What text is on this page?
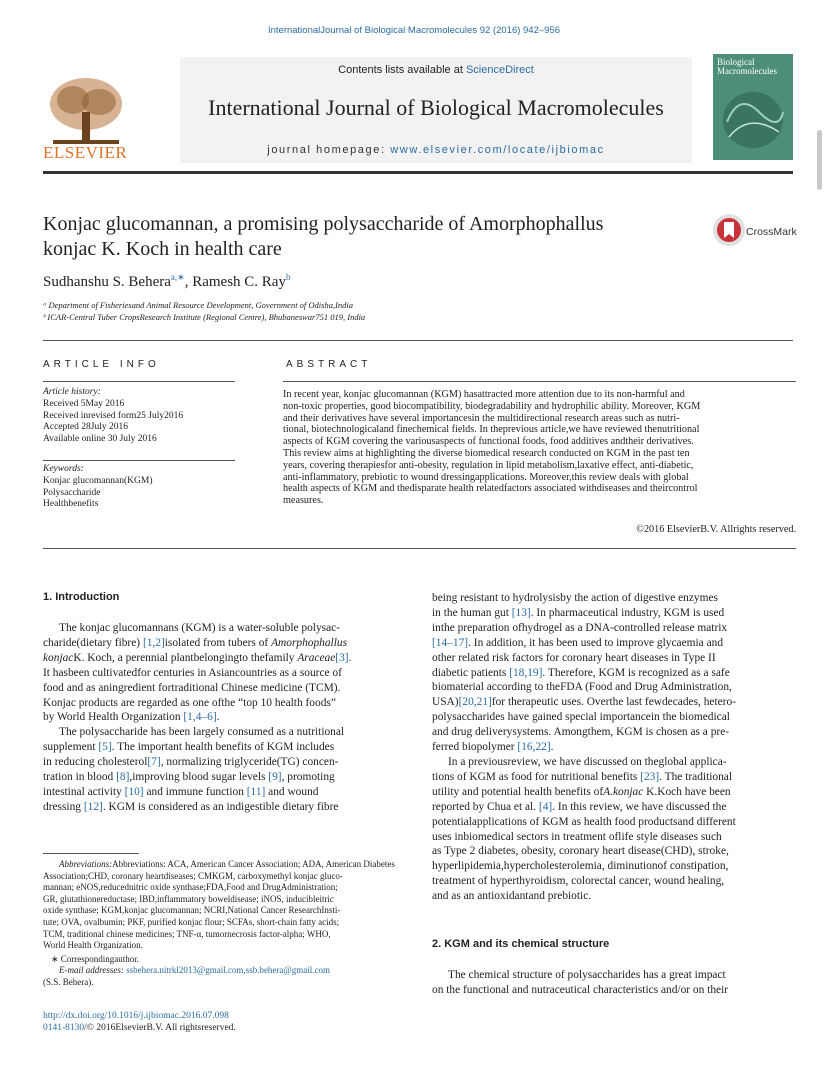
InternationalJournal of Biological Macromolecules 92 (2016) 942–956
Contents lists available at ScienceDirect
International Journal of Biological Macromolecules
journal homepage: www.elsevier.com/locate/ijbiomac
ELSEVIER
Biological Macromolecules
Konjac glucomannan, a promising polysaccharide of Amorphophallus
konjac K. Koch in health care
CrossMark
Sudhanshu S. Behera$^{a,∗}$, Ramesh C. Ray$^b$
ᵃ Department of Fisheriesand Animal Resource Development, Government of Odisha,India
ᵇ ICAR-Central Tuber CropsResearch Institute (Regional Centre), Bhubaneswar751 019, India
ARTICLE INFO
Article history:
Received 5May 2016
Received inrevised form25 July2016
Accepted 28July 2016
Available online 30 July 2016
Keywords:
Konjac glucomannan(KGM)
Polysaccharide
Healthbenefits
ABSTRACT
In recent year, konjac glucomannan (KGM) hasattracted more attention due to its non-harmful and
non-toxic properties, good biocompatibility, biodegradability and hydrophilic ability. Moreover, KGM
and their derivatives have several importancesin the multidirectional research areas such as nutri-
tional, biotechnologicaland finechemical fields. In theprevious article,we have reviewed thenutritional
aspects of KGM covering the variousaspects of functional foods, food additives andtheir derivatives.
This review aims at highlighting the diverse biomedical research conducted on KGM in the past ten
years, covering therapiesfor anti-obesity, regulation in lipid metabolism,laxative effect, anti-diabetic,
anti-inflammatory, prebiotic to wound dressingapplications. Moreover,this review deals with global
health aspects of KGM and thedisparate health relatedfactors associated withdiseases and theircontrol
measures.
©2016 ElsevierB.V. Allrights reserved.
1. Introduction
The konjac glucomannans (KGM) is a water-soluble polysac-
charide(dietary fibre) [1,2]isolated from tubers of Amorphophallus
konjacK. Koch, a perennial plantbelongingto thefamily Araceae[3].
It hasbeen cultivatedfor centuries in Asiancountries as a source of
food and as aningredient fortraditional Chinese medicine (TCM).
Konjac products are regarded as one ofthe “top 10 health foods”
by World Health Organization [1,4–6].
The polysaccharide has been largely consumed as a nutritional
supplement [5]. The important health benefits of KGM includes
in reducing cholesterol[7], normalizing triglyceride(TG) concen-
tration in blood [8],improving blood sugar levels [9], promoting
intestinal activity [10] and immune function [11] and wound
dressing [12]. KGM is considered as an indigestible dietary fibre
being resistant to hydrolysisby the action of digestive enzymes
in the human gut [13]. In pharmaceutical industry, KGM is used
inthe preparation ofhydrogel as a DNA-controlled release matrix
[14–17]. In addition, it has been used to improve glycaemia and
other related risk factors for coronary heart diseases in Type II
diabetic patients [18,19]. Therefore, KGM is recognized as a safe
biomaterial according to theFDA (Food and Drug Administration,
USA)[20,21]for therapeutic uses. Overthe last fewdecades, hetero-
polysaccharides have gained special importancein the biomedical
and drug deliverysystems. Amongthem, KGM is chosen as a pre-
ferred biopolymer [16,22].
In a previousreview, we have discussed on theglobal applica-
tions of KGM as food for nutritional benefits [23]. The traditional
utility and potential health benefits ofA.konjac K.Koch have been
reported by Chua et al. [4]. In this review, we have discussed the
potentialapplications of KGM as health food productsand different
uses inbiomedical sectors in treatment oflife style diseases such
as Type 2 diabetes, obesity, coronary heart disease(CHD), stroke,
hyperlipidemia,hypercholesterolemia, diminutionof constipation,
treatment of hyperthyroidism, colorectal cancer, wound healing,
and as an antioxidantand prebiotic.
2. KGM and its chemical structure
The chemical structure of polysaccharides has a great impact
on the functional and nutraceutical characteristics and/or on their
Abbreviations:Abbreviations: ACA, American Cancer Association; ADA, American Diabetes
Association;CHD, coronary heartdiseases; CMKGM, carboxymethyl konjac gluco-
mannan; eNOS,reducednitric oxide synthase;FDA,Food and DrugAdministration;
GR, glutathionereductase; IBD,inflammatory boweldisease; iNOS, inducibleitric
oxide synthase; KGM,konjac glucomannan; NCRI,National Cancer ResearchInsti-
tute; OVA, ovalbumin; PKF, purified konjac flour; SCFAs, short-chain fatty acids;
TCM, traditional chinese medicines; TNF-α, tumornecrosis factor-alpha; WHO,
World Health Organization.
∗ Correspondingauthor.
E-mail addresses: ssbehera.nitrkl2013@gmail.com,ssb.behera@gmail.com
(S.S. Behera).
http://dx.doi.org/10.1016/j.ijbiomac.2016.07.098
0141-8130/© 2016ElsevierB.V. All rightsreserved.
